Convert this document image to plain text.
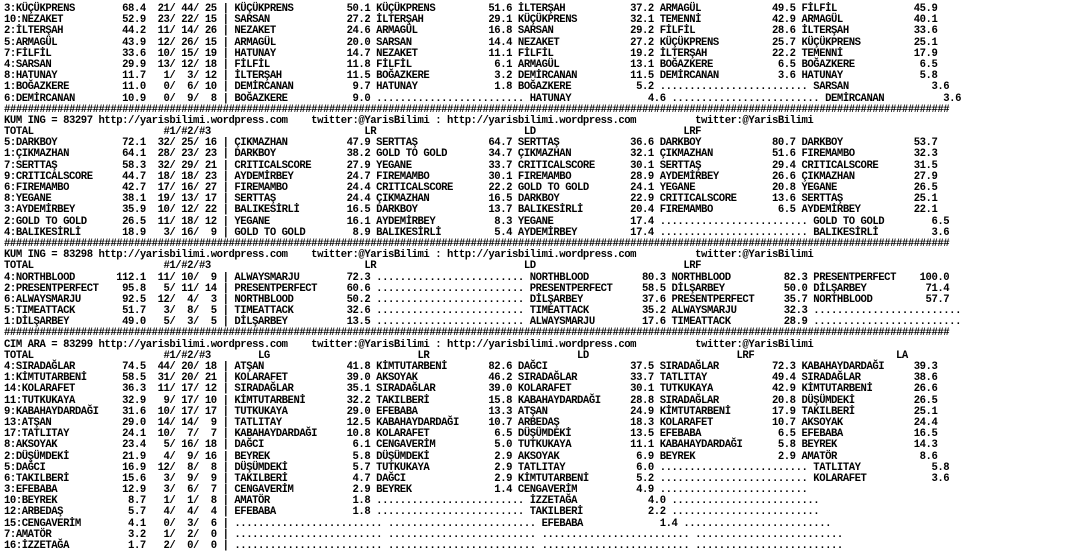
3:KÜÇÜKPRENS        68.4  21/ 44/ 25 | KÜÇÜKPRENS         50.1 KÜÇÜKPRENS         51.6 İLTERŞAH           37.2 ARMAGÜL            49.5 FİLFİL             45.9
10:NEZAKET          52.9  23/ 22/ 15 | SARSAN             27.2 İLTERŞAH           29.1 KÜÇÜKPRENS         32.1 TEMENNİ            42.9 ARMAGÜL            40.1
2:İLTERŞAH          44.2  11/ 14/ 26 | NEZAKET            24.6 ARMAGÜL            16.8 SARSAN             29.2 FİLFİL             28.6 İLTERŞAH           33.6
5:ARMAGÜL           43.9  12/ 26/ 15 | ARMAGÜL            20.0 SARSAN             14.4 NEZAKET            27.2 KÜÇÜKPRENS         25.7 KÜÇÜKPRENS         25.1
7:FİLFİL            33.6  10/ 15/ 19 | HATUNAY            14.7 NEZAKET            11.1 FİLFİL             19.2 İLTERŞAH           22.2 TEMENNİ            17.9
4:SARSAN            29.9  13/ 12/ 18 | FİLFİL             11.8 FİLFİL              6.1 ARMAGÜL            13.1 BOĞAZKERE           6.5 BOĞAZKERE           6.5
8:HATUNAY           11.7   1/  3/ 12 | İLTERŞAH           11.5 BOĞAZKERE           3.2 DEMİRCANAN         11.5 DEMİRCANAN          3.6 HATUNAY             5.8
1:BOĞAZKERE         11.0   0/  6/ 10 | DEMİRCANAN          9.7 HATUNAY             1.8 BOĞAZKERE           5.2 ......................... SARSAN              3.6
6:DEMİRCANAN        10.9   0/  9/  8 | BOĞAZKERE           9.0 ......................... HATUNAY             4.6 ......................... DEMİRCANAN          3.6
################################################################################################################################################################
KUM ING = 83297 http://yarisbilimi.wordpress.com    twitter:@YarisBilimi : http://yarisbilimi.wordpress.com          twitter:@YarisBilimi
TOTAL                      #1/#2/#3                          LR                         LD                         LRF
5:DARKBOY           72.1  32/ 25/ 16 | ÇIKMAZHAN          47.9 SERTTAŞ            64.7 SERTTAŞ            36.6 DARKBOY            80.7 DARKBOY            53.7
1:ÇIKMAZHAN         64.1  28/ 23/ 23 | DARKBOY            38.2 GOLD TO GOLD       34.7 ÇIKMAZHAN          32.1 ÇIKMAZHAN          51.6 FIREMAMBO          32.3
7:SERTTAŞ           58.3  32/ 29/ 21 | CRITICALSCORE      27.9 YEGANE             33.7 CRITICALSCORE      30.1 SERTTAŞ            29.4 CRITICALSCORE      31.5
9:CRITICALSCORE     44.7  18/ 18/ 23 | AYDEMİRBEY         24.7 FIREMAMBO          30.1 FIREMAMBO          28.9 AYDEMİRBEY         26.6 ÇIKMAZHAN          27.9
6:FIREMAMBO         42.7  17/ 16/ 27 | FIREMAMBO          24.4 CRITICALSCORE      22.2 GOLD TO GOLD       24.1 YEGANE             20.8 YEGANE             26.5
8:YEGANE            38.1  19/ 13/ 17 | SERTTAŞ            24.4 ÇIKMAZHAN          16.5 DARKBOY            22.9 CRITICALSCORE      13.6 SERTTAŞ            25.1
3:AYDEMİRBEY        35.9  10/ 12/ 22 | BALIKESİRLİ        16.5 DARKBOY            13.7 BALIKESİRLİ        20.4 FIREMAMBO           6.5 AYDEMİRBEY         22.1
2:GOLD TO GOLD      26.5  11/ 18/ 12 | YEGANE             16.1 AYDEMİRBEY          8.3 YEGANE             17.4 ......................... GOLD TO GOLD        6.5
4:BALIKESİRLİ       18.9   3/ 16/  9 | GOLD TO GOLD        8.9 BALIKESİRLİ         5.4 AYDEMİRBEY         17.4 ......................... BALIKESİRLİ         3.6
################################################################################################################################################################
KUM ING = 83298 http://yarisbilimi.wordpress.com    twitter:@YarisBilimi : http://yarisbilimi.wordpress.com          twitter:@YarisBilimi
TOTAL                      #1/#2/#3                          LR                         LD                         LRF
4:NORTHBLOOD       112.1  11/ 10/  9 | ALWAYSMARJU        72.3 ......................... NORTHBLOOD         80.3 NORTHBLOOD         82.3 PRESENTPERFECT    100.0
2:PRESENTPERFECT    95.8   5/ 11/ 14 | PRESENTPERFECT     60.6 ......................... PRESENTPERFECT     58.5 DİLŞARBEY          50.0 DİLŞARBEY          71.4
6:ALWAYSMARJU       92.5  12/  4/  3 | NORTHBLOOD         50.2 ......................... DİLŞARBEY          37.6 PRESENTPERFECT     35.7 NORTHBLOOD         57.7
5:TIMEATTACK        51.7   3/  8/  5 | TIMEATTACK         32.6 ......................... TIMEATTACK         35.2 ALWAYSMARJU        32.3 .........................
1:DİLŞARBEY         49.0   5/  3/  5 | DİLŞARBEY          13.5 ......................... ALWAYSMARJU        17.6 TIMEATTACK         28.9 .........................
################################################################################################################################################################
CIM ARA = 83299 http://yarisbilimi.wordpress.com    twitter:@YarisBilimi : http://yarisbilimi.wordpress.com          twitter:@YarisBilimi
TOTAL                      #1/#2/#3        LG                         LR                         LD                         LRF                        LA
4:SIRADAĞLAR        74.5  44/ 20/ 18 | ATŞAN              41.8 KİMTUTARBENİ       82.6 DAĞCI              37.5 SIRADAĞLAR         72.3 KABAHAYDARDAĞI     39.3
1:KİMTUTARBENİ      58.5  31/ 20/ 21 | KOLARAFET          39.0 AKSOYAK            46.2 SIRADAĞLAR         33.7 TATLITAY           49.4 SIRADAĞLAR         38.6
14:KOLARAFET        36.3  11/ 17/ 12 | SIRADAĞLAR         35.1 SIRADAĞLAR         39.0 KOLARAFET          30.1 TUTKUKAYA          42.9 KİMTUTARBENİ       26.6
11:TUTKUKAYA        32.9   9/ 17/ 10 | KİMTUTARBENİ       32.2 TAKILBERİ          15.8 KABAHAYDARDAĞI     28.8 SIRADAĞLAR         20.8 DÜŞÜMDEKİ          26.5
9:KABAHAYDARDAĞI    31.6  10/ 17/ 17 | TUTKUKAYA          29.0 EFEBABA            13.3 ATŞAN              24.9 KİMTUTARBENİ       17.9 TAKILBERİ          25.1
13:ATŞAN            29.0  14/ 14/  9 | TATLITAY           12.5 KABAHAYDARDAĞI     10.7 ARBEDAŞ            18.3 KOLARAFET          10.7 AKSOYAK            24.4
17:TATLITAY         24.1  10/  7/  7 | KABAHAYDARDAĞI     10.8 KOLARAFET           6.5 DÜŞÜMDEKİ          13.5 EFEBABA             6.5 EFEBABA            16.5
8:AKSOYAK           23.4   5/ 16/ 18 | DAĞCI               6.1 CENGAVERİM          5.0 TUTKUKAYA          11.1 KABAHAYDARDAĞI      5.8 BEYREK             14.3
2:DÜŞÜMDEKİ         21.9   4/  9/ 16 | BEYREK              5.8 DÜŞÜMDEKİ           2.9 AKSOYAK             6.9 BEYREK              2.9 AMATÖR              8.6
5:DAĞCI             16.9  12/  8/  8 | DÜŞÜMDEKİ           5.7 TUTKUKAYA           2.9 TATLITAY            6.0 ......................... TATLITAY            5.8
6:TAKILBERİ         15.6   3/  9/  9 | TAKILBERİ           4.7 DAĞCI               2.9 KİMTUTARBENİ        5.2 ......................... KOLARAFET           3.6
3:EFEBABA           12.9   3/  6/  7 | CENGAVERİM          2.9 BEYREK              1.4 CENGAVERİM          4.9 .........................
10:BEYREK            8.7   1/  1/  8 | AMATÖR              1.8 ......................... İZZETAĞA            4.0 .........................
12:ARBEDAŞ           5.7   4/  4/  4 | EFEBABA             1.8 ......................... TAKILBERİ           2.2 .........................
15:CENGAVERİM        4.1   0/  3/  6 | ......................... ......................... EFEBABA             1.4 .........................
7:AMATÖR             3.2   1/  2/  0 | ......................... ......................... ......................... .........................
16:İZZETAĞA          1.7   2/  0/  0 | ......................... ......................... ......................... .........................
